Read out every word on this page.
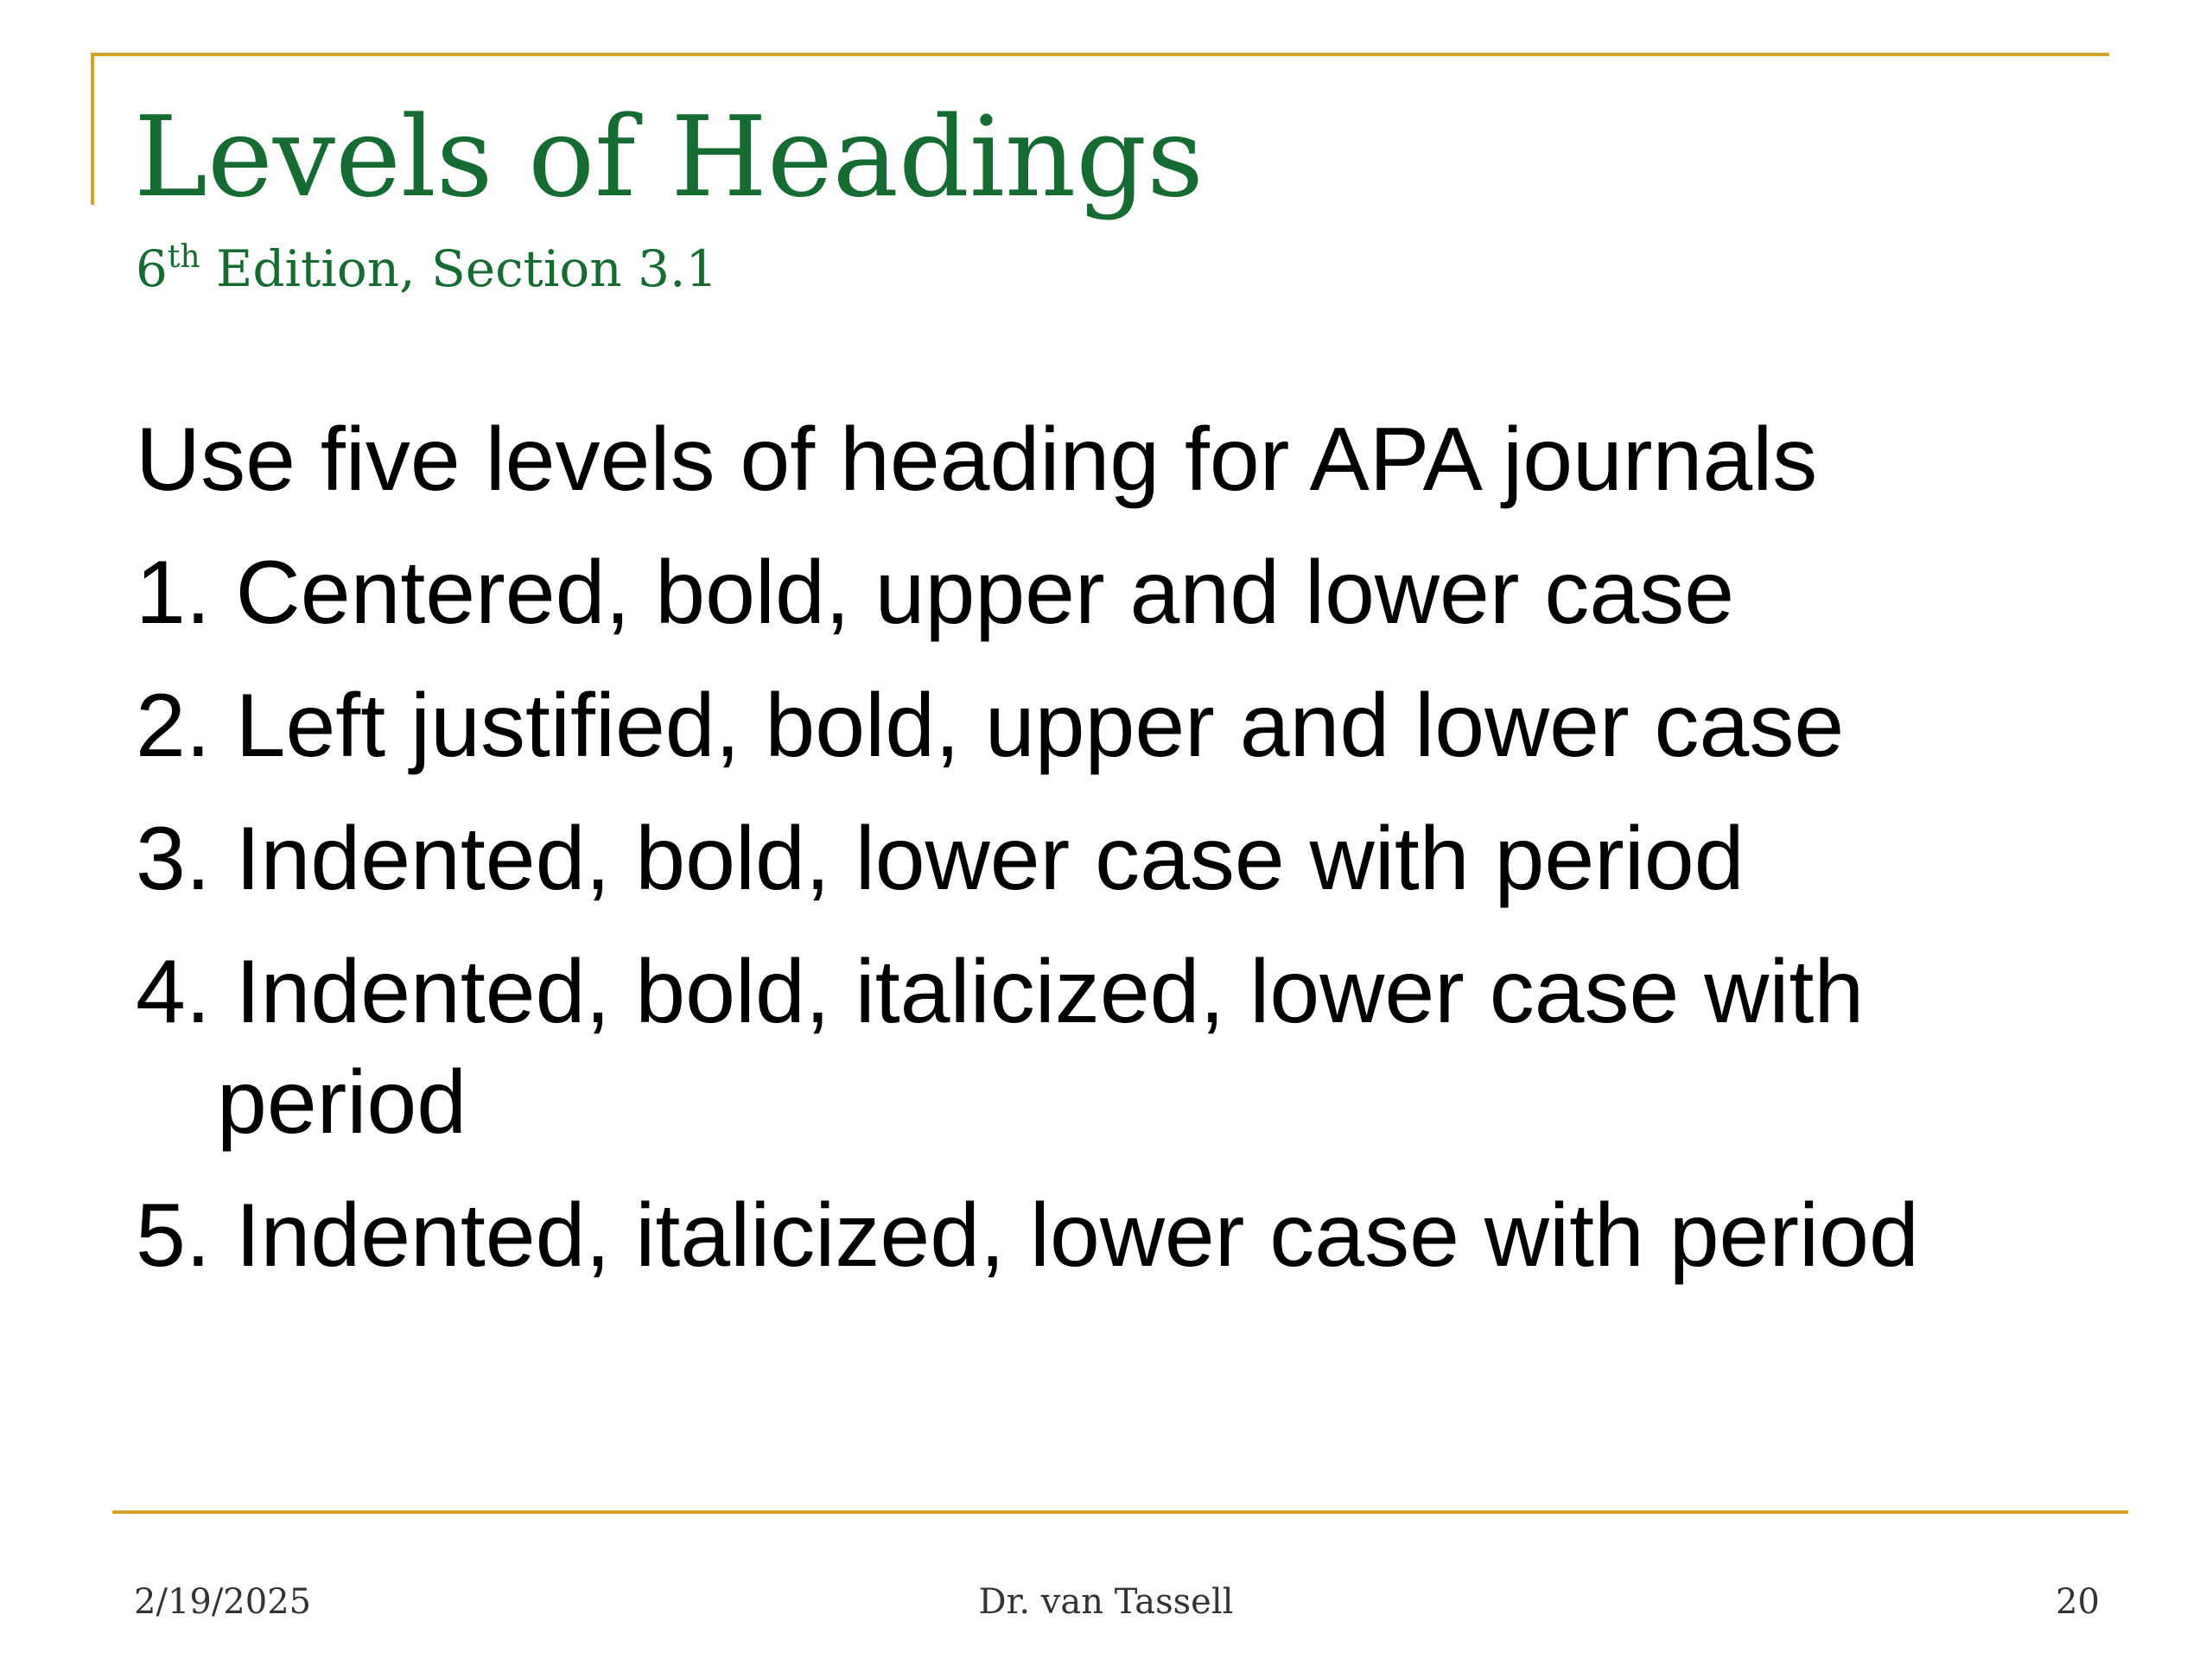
Levels of Headings

6th Edition, Section 3.1

Use five levels of heading for APA journals
1. Centered, bold, upper and lower case
2. Left justified, bold, upper and lower case
3. Indented, bold, lower case with period
4. Indented, bold, italicized, lower case with period
5. Indented, italicized, lower case with period
2/19/2025	Dr. van Tassell	20
